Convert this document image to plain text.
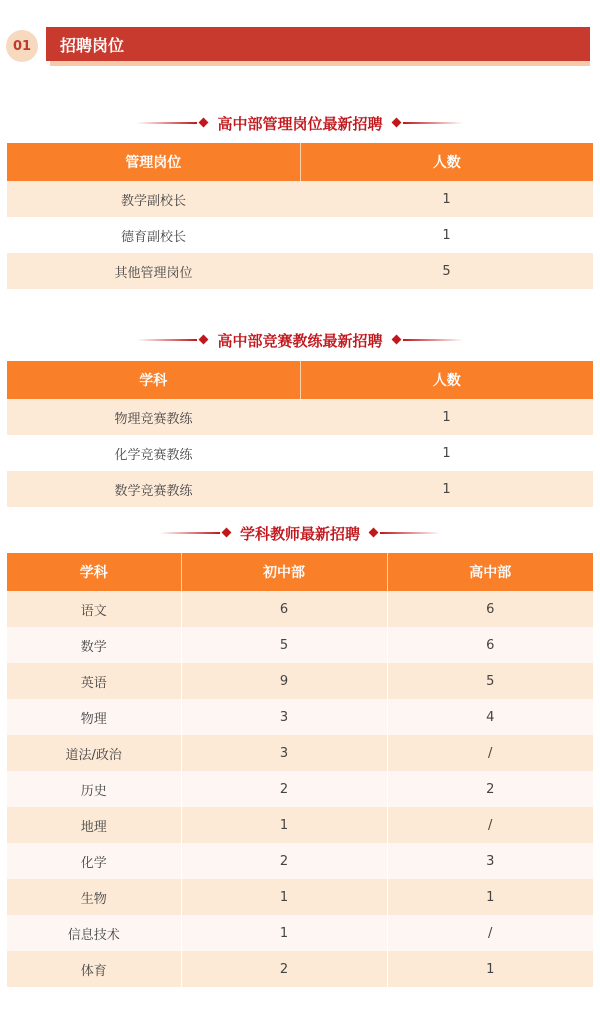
01	招聘岗位
高中部管理岗位最新招聘
管理岗位	人数
教学副校长	1
德育副校长	1
其他管理岗位	5
高中部竞赛教练最新招聘
学科	人数
物理竞赛教练	1
化学竞赛教练	1
数学竞赛教练	1
学科教师最新招聘
学科	初中部	高中部
语文	6	6
数学	5	6
英语	9	5
物理	3	4
道法/政治	3	/
历史	2	2
地理	1	/
化学	2	3
生物	1	1
信息技术	1	/
体育	2	1
